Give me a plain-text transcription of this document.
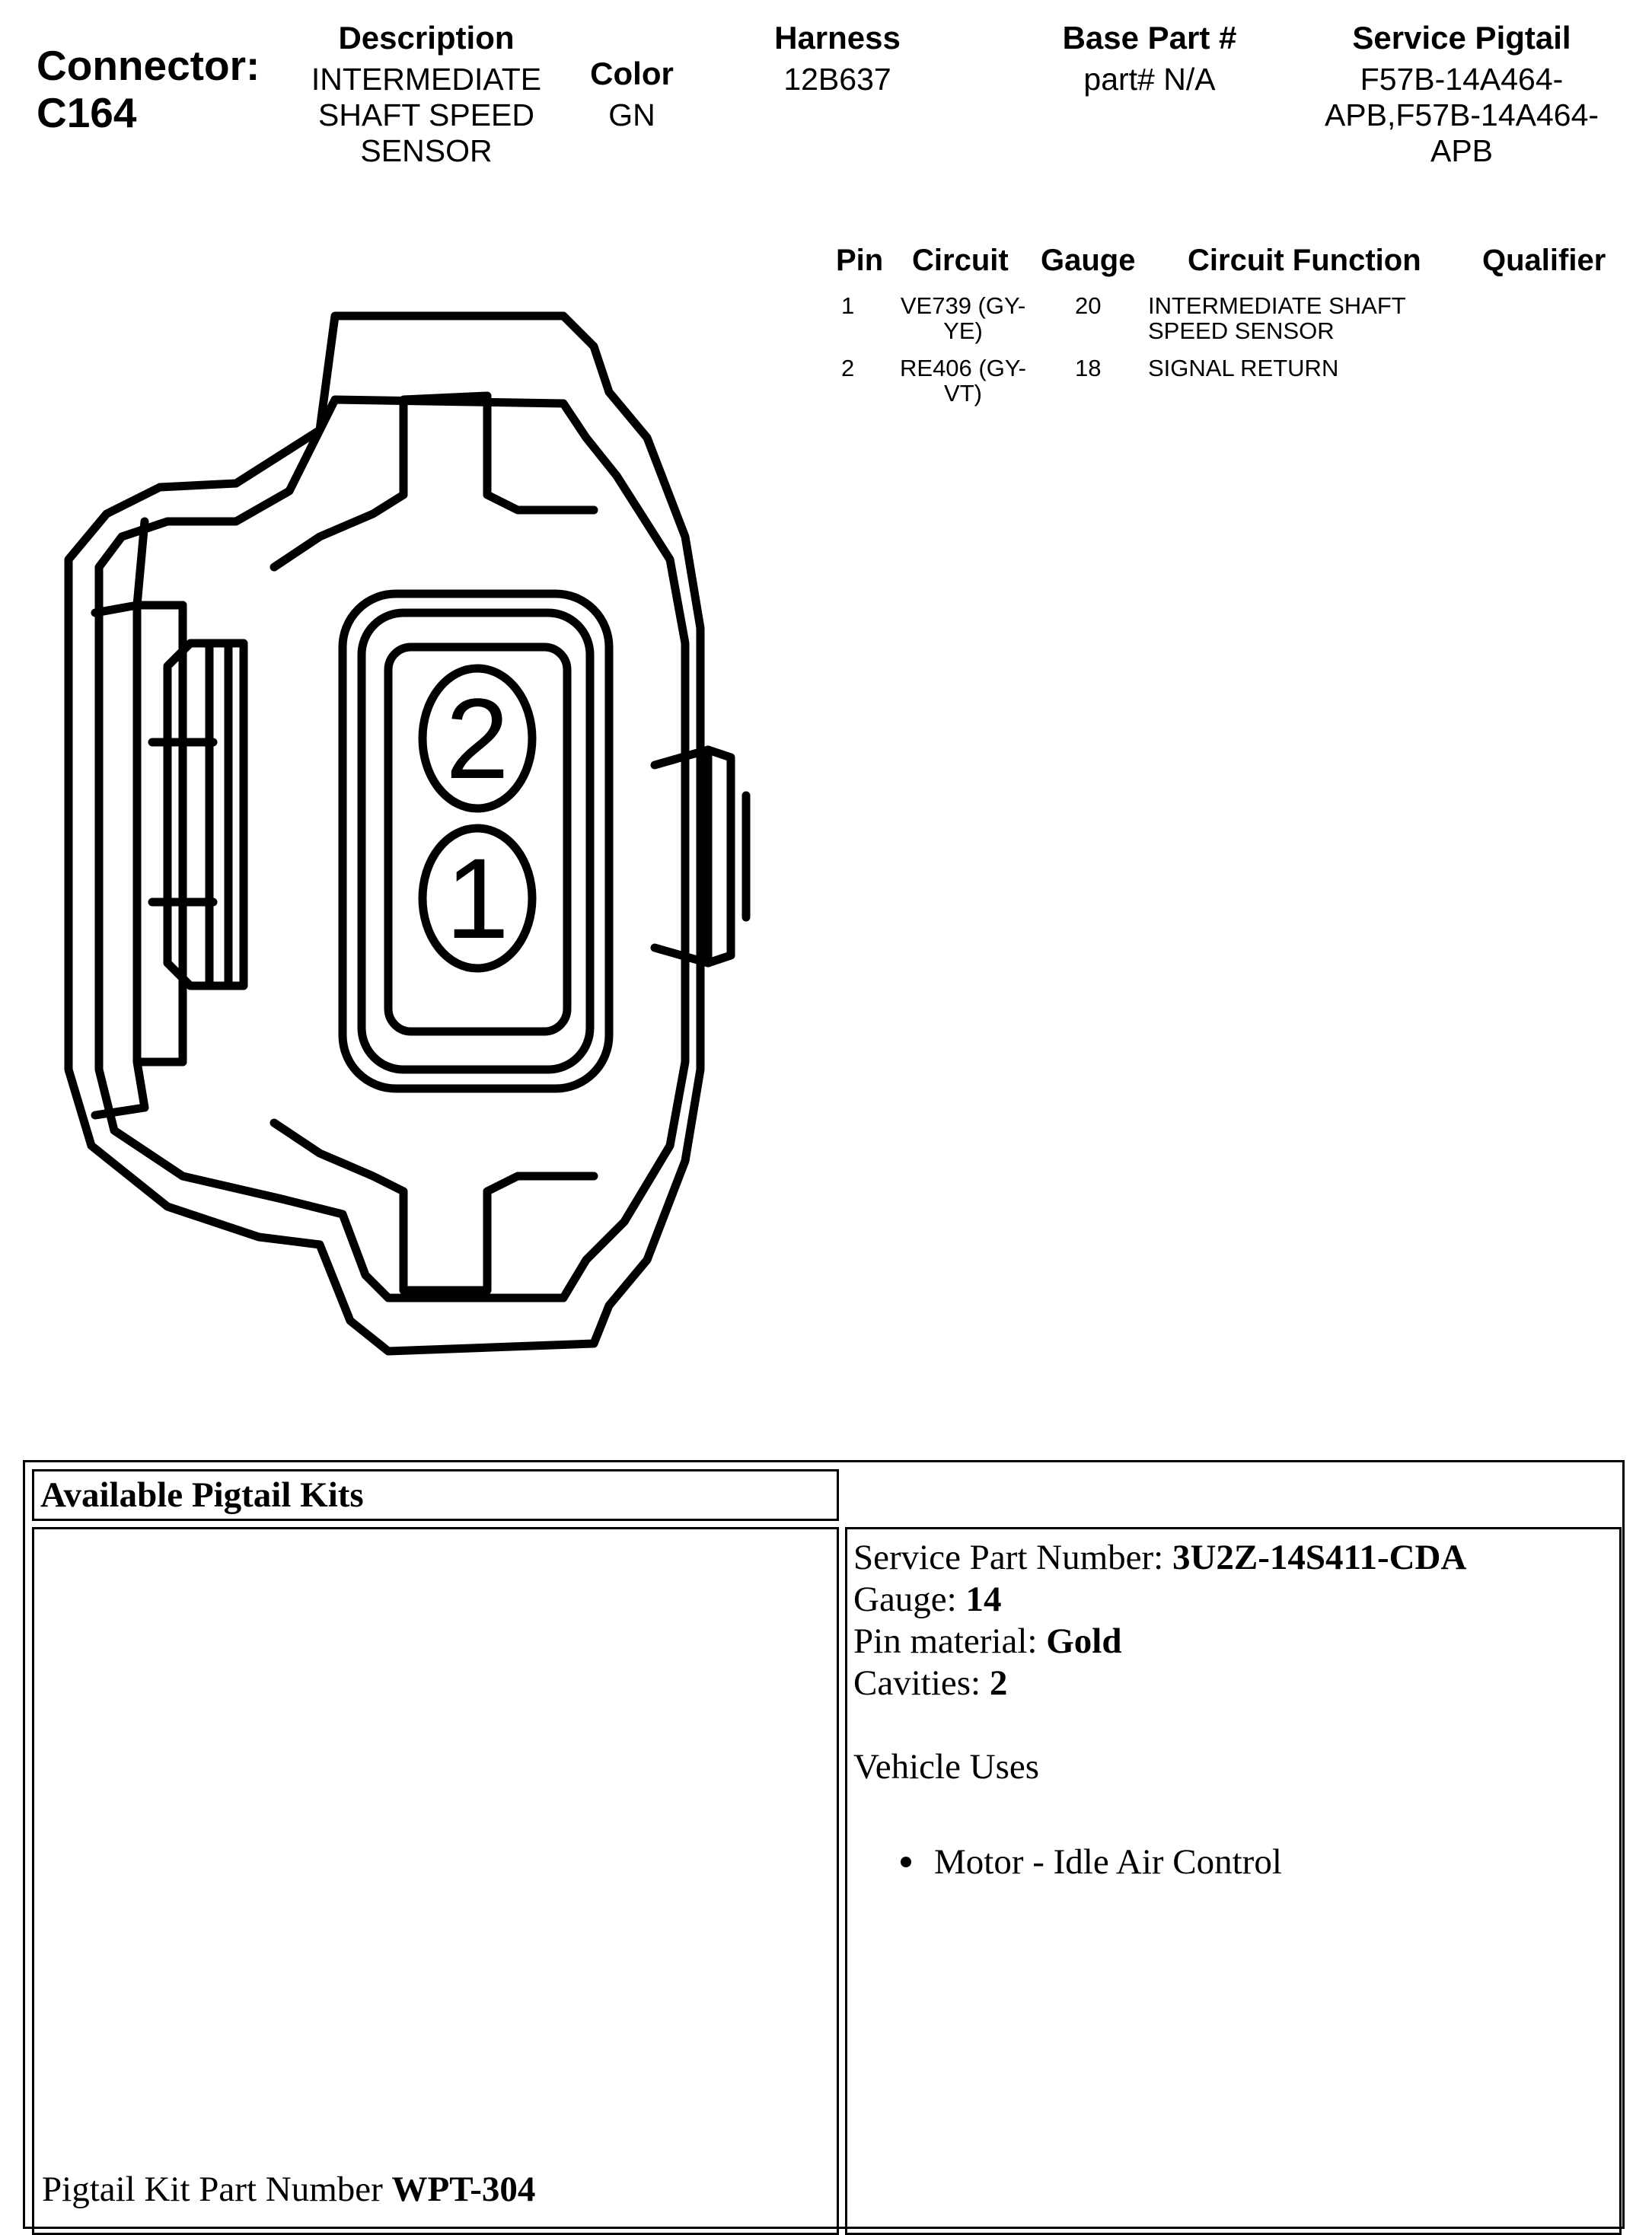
Connector:
C164
Description
INTERMEDIATE
SHAFT SPEED
SENSOR
Color
GN
Harness
12B637
Base Part #
part# N/A
Service Pigtail
F57B-14A464-
APB,F57B-14A464-
APB
Pin Circuit Gauge Circuit Function Qualifier
1	VE739 (GY-
YE)
20 INTERMEDIATE SHAFT
SPEED SENSOR
2	RE406 (GY-
VT)
18 SIGNAL RETURN
2
1
Available Pigtail Kits
Pigtail Kit Part Number WPT-304
Service Part Number: 3U2Z-14S411-CDA
Gauge: 14
Pin material: Gold
Cavities: 2
Vehicle Uses
Motor - Idle Air Control
